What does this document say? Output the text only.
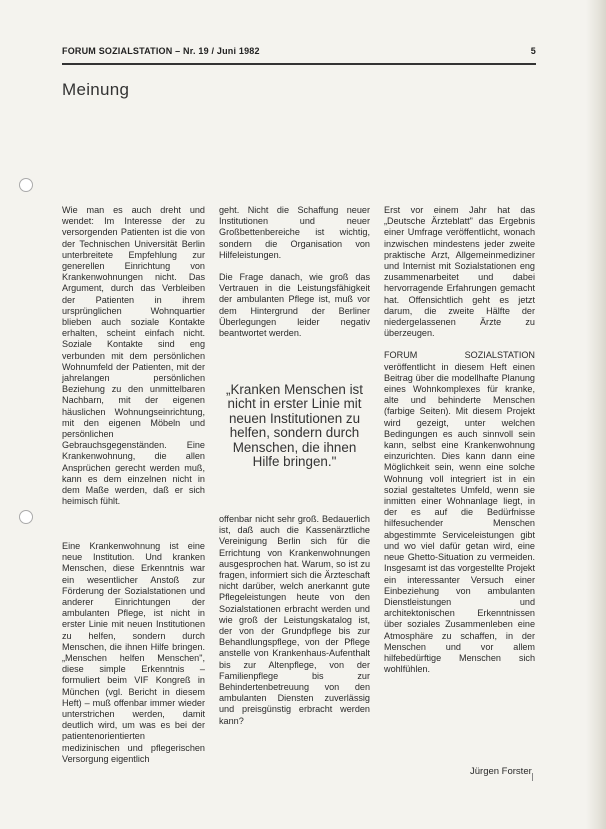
FORUM SOZIALSTATION – Nr. 19 / Juni 1982	5
Meinung

Wie man es auch dreht und wendet: Im Interesse der zu versorgenden Patienten ist die von der Technischen Universität Berlin unterbreitete Empfehlung zur generellen Einrichtung von Krankenwohnungen nicht. Das Argument, durch das Verbleiben der Patienten in ihrem ursprünglichen Wohnquartier blieben auch soziale Kontakte erhalten, scheint einfach nicht. Soziale Kontakte sind eng verbunden mit dem persönlichen Wohnumfeld der Patienten, mit der jahrelangen persönlichen Beziehung zu den unmittelbaren Nachbarn, mit der eigenen häuslichen Wohnungseinrichtung, mit den eigenen Möbeln und persönlichen Gebrauchsgegenständen. Eine Krankenwohnung, die allen Ansprüchen gerecht werden muß, kann es dem einzelnen nicht in dem Maße werden, daß er sich heimisch fühlt.

Eine Krankenwohnung ist eine neue Institution. Und kranken Menschen, diese Erkenntnis war ein wesentlicher Anstoß zur Förderung der Sozialstationen und anderer Einrichtungen der ambulanten Pflege, ist nicht in erster Linie mit neuen Institutionen zu helfen, sondern durch Menschen, die ihnen Hilfe bringen. „Menschen helfen Menschen", diese simple Erkenntnis – formuliert beim VIF Kongreß in München (vgl. Bericht in diesem Heft) – muß offenbar immer wieder unterstrichen werden, damit deutlich wird, um was es bei der patientenorientierten medizinischen und pflegerischen Versorgung eigentlich

geht. Nicht die Schaffung neuer Institutionen und neuer Großbettenbereiche ist wichtig, sondern die Organisation von Hilfeleistungen.

Die Frage danach, wie groß das Vertrauen in die Leistungsfähigkeit der ambulanten Pflege ist, muß vor dem Hintergrund der Berliner Überlegungen leider negativ beantwortet werden.

„Kranken Menschen ist nicht in erster Linie mit neuen Institutionen zu helfen, sondern durch Menschen, die ihnen Hilfe bringen."

offenbar nicht sehr groß. Bedauerlich ist, daß auch die Kassenärztliche Vereinigung Berlin sich für die Errichtung von Krankenwohnungen ausgesprochen hat. Warum, so ist zu fragen, informiert sich die Ärzteschaft nicht darüber, welch anerkannt gute Pflegeleistungen heute von den Sozialstationen erbracht werden und wie groß der Leistungskatalog ist, der von der Grundpflege bis zur Behandlungspflege, von der Pflege anstelle von Krankenhaus-Aufenthalt bis zur Altenpflege, von der Familienpflege bis zur Behindertenbetreuung von den ambulanten Diensten zuverlässig und preisgünstig erbracht werden kann?

Erst vor einem Jahr hat das „Deutsche Ärzteblatt" das Ergebnis einer Umfrage veröffentlicht, wonach inzwischen mindestens jeder zweite praktische Arzt, Allgemeinmediziner und Internist mit Sozialstationen eng zusammenarbeitet und dabei hervorragende Erfahrungen gemacht hat. Offensichtlich geht es jetzt darum, die zweite Hälfte der niedergelassenen Ärzte zu überzeugen.

FORUM SOZIALSTATION veröffentlicht in diesem Heft einen Beitrag über die modellhafte Planung eines Wohnkomplexes für kranke, alte und behinderte Menschen (farbige Seiten). Mit diesem Projekt wird gezeigt, unter welchen Bedingungen es auch sinnvoll sein kann, selbst eine Krankenwohnung einzurichten. Dies kann dann eine Möglichkeit sein, wenn eine solche Wohnung voll integriert ist in ein sozial gestaltetes Umfeld, wenn sie inmitten einer Wohnanlage liegt, in der es auf die Bedürfnisse hilfesuchender Menschen abgestimmte Serviceleistungen gibt und wo viel dafür getan wird, eine neue Ghetto-Situation zu vermeiden. Insgesamt ist das vorgestellte Projekt ein interessanter Versuch einer Einbeziehung von ambulanten Dienstleistungen und architektonischen Erkenntnissen über soziales Zusammenleben eine Atmosphäre zu schaffen, in der Menschen und vor allem hilfebedürftige Menschen sich wohlfühlen.

Jürgen Forster
